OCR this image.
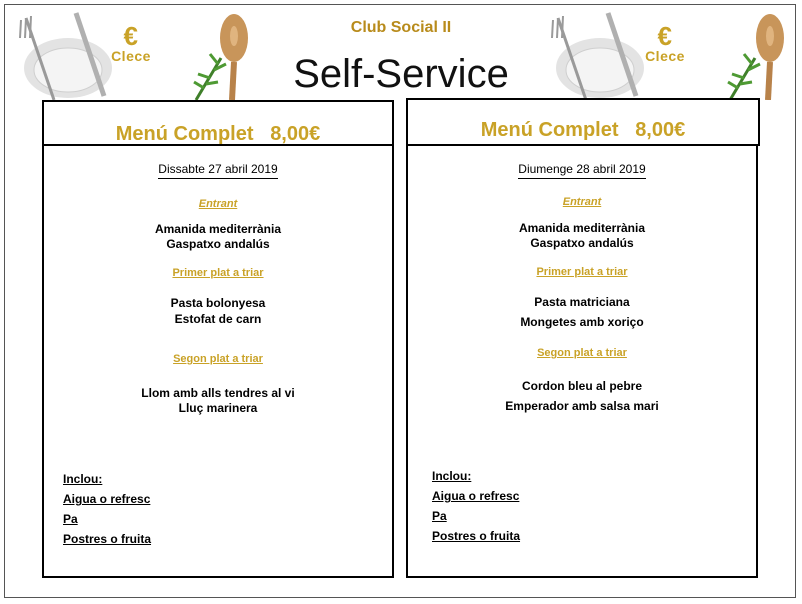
€
Clece
€
Clece
Club Social II
Self-Service
Dissabte 27 abril 2019
Entrant
Amanida mediterrània
Gaspatxo andalús
Primer plat a triar
Pasta bolonyesa
Estofat de carn
Segon plat a triar
Llom amb alls tendres al vi
Lluç marinera
Inclou:
Aigua o refresc
Pa
Postres o fruita
Menú Complet 8,00€
Diumenge 28 abril 2019
Entrant
Amanida mediterrània
Gaspatxo andalús
Primer plat a triar
Pasta matriciana
Mongetes amb xoriço
Segon plat a triar
Cordon bleu al pebre
Emperador amb salsa mari
Inclou:
Aigua o refresc
Pa
Postres o fruita
Menú Complet 8,00€
